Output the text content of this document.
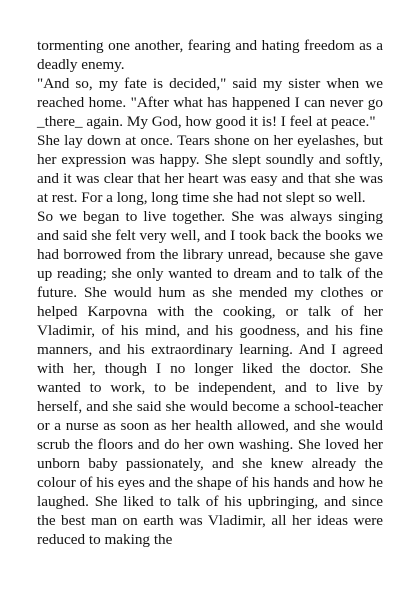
tormenting one another, fearing and hating freedom as a deadly enemy.

"And so, my fate is decided," said my sister when we reached home. "After what has happened I can never go _there_ again. My God, how good it is! I feel at peace."

She lay down at once. Tears shone on her eyelashes, but her expression was happy. She slept soundly and softly, and it was clear that her heart was easy and that she was at rest. For a long, long time she had not slept so well.

So we began to live together. She was always singing and said she felt very well, and I took back the books we had borrowed from the library unread, because she gave up reading; she only wanted to dream and to talk of the future. She would hum as she mended my clothes or helped Karpovna with the cooking, or talk of her Vladimir, of his mind, and his goodness, and his fine manners, and his extraordinary learning. And I agreed with her, though I no longer liked the doctor. She wanted to work, to be independent, and to live by herself, and she said she would become a school-teacher or a nurse as soon as her health allowed, and she would scrub the floors and do her own washing. She loved her unborn baby passionately, and she knew already the colour of his eyes and the shape of his hands and how he laughed. She liked to talk of his upbringing, and since the best man on earth was Vladimir, all her ideas were reduced to making the
